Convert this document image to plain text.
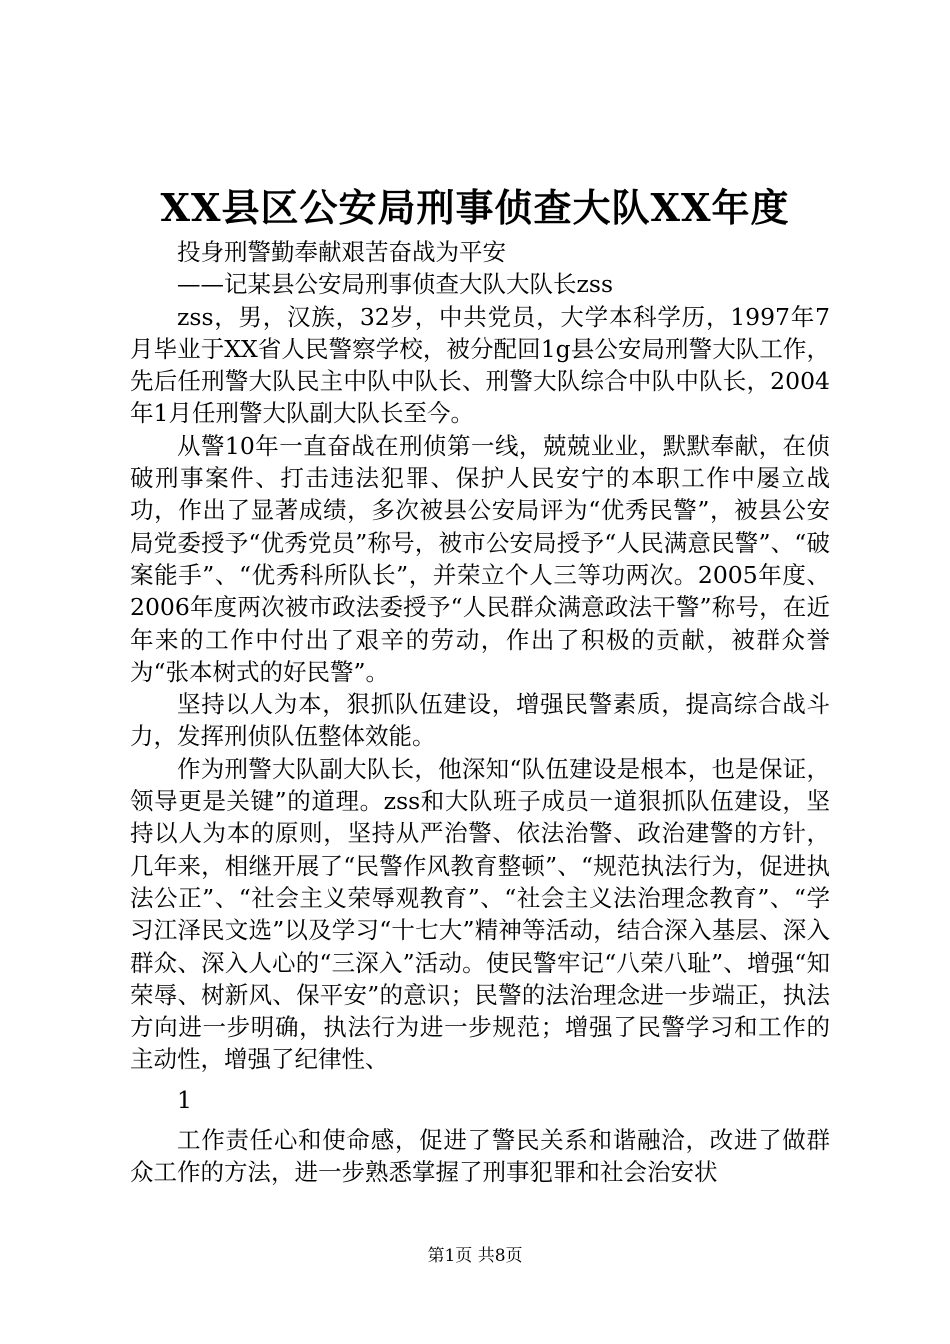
XX县区公安局刑事侦查大队XX年度

投身刑警勤奉献艰苦奋战为平安

——记某县公安局刑事侦查大队大队长zss

zss，男，汉族，32岁，中共党员，大学本科学历，1997年7月毕业于XX省人民警察学校，被分配回1g县公安局刑警大队工作，先后任刑警大队民主中队中队长、刑警大队综合中队中队长，2004年1月任刑警大队副大队长至今。

从警10年一直奋战在刑侦第一线，兢兢业业，默默奉献，在侦破刑事案件、打击违法犯罪、保护人民安宁的本职工作中屡立战功，作出了显著成绩，多次被县公安局评为“优秀民警”，被县公安局党委授予“优秀党员”称号，被市公安局授予“人民满意民警”、“破案能手”、“优秀科所队长”，并荣立个人三等功两次。2005年度、2006年度两次被市政法委授予“人民群众满意政法干警”称号，在近年来的工作中付出了艰辛的劳动，作出了积极的贡献，被群众誉为“张本树式的好民警”。

坚持以人为本，狠抓队伍建设，增强民警素质，提高综合战斗力，发挥刑侦队伍整体效能。

作为刑警大队副大队长，他深知“队伍建设是根本，也是保证，领导更是关键”的道理。zss和大队班子成员一道狠抓队伍建设，坚持以人为本的原则，坚持从严治警、依法治警、政治建警的方针，几年来，相继开展了“民警作风教育整顿”、“规范执法行为，促进执法公正”、“社会主义荣辱观教育”、“社会主义法治理念教育”、“学习江泽民文选”以及学习“十七大”精神等活动，结合深入基层、深入群众、深入人心的“三深入”活动。使民警牢记“八荣八耻”、增强“知荣辱、树新风、保平安”的意识；民警的法治理念进一步端正，执法方向进一步明确，执法行为进一步规范；增强了民警学习和工作的主动性，增强了纪律性、

1

工作责任心和使命感，促进了警民关系和谐融洽，改进了做群众工作的方法，进一步熟悉掌握了刑事犯罪和社会治安状

第1页 共8页
